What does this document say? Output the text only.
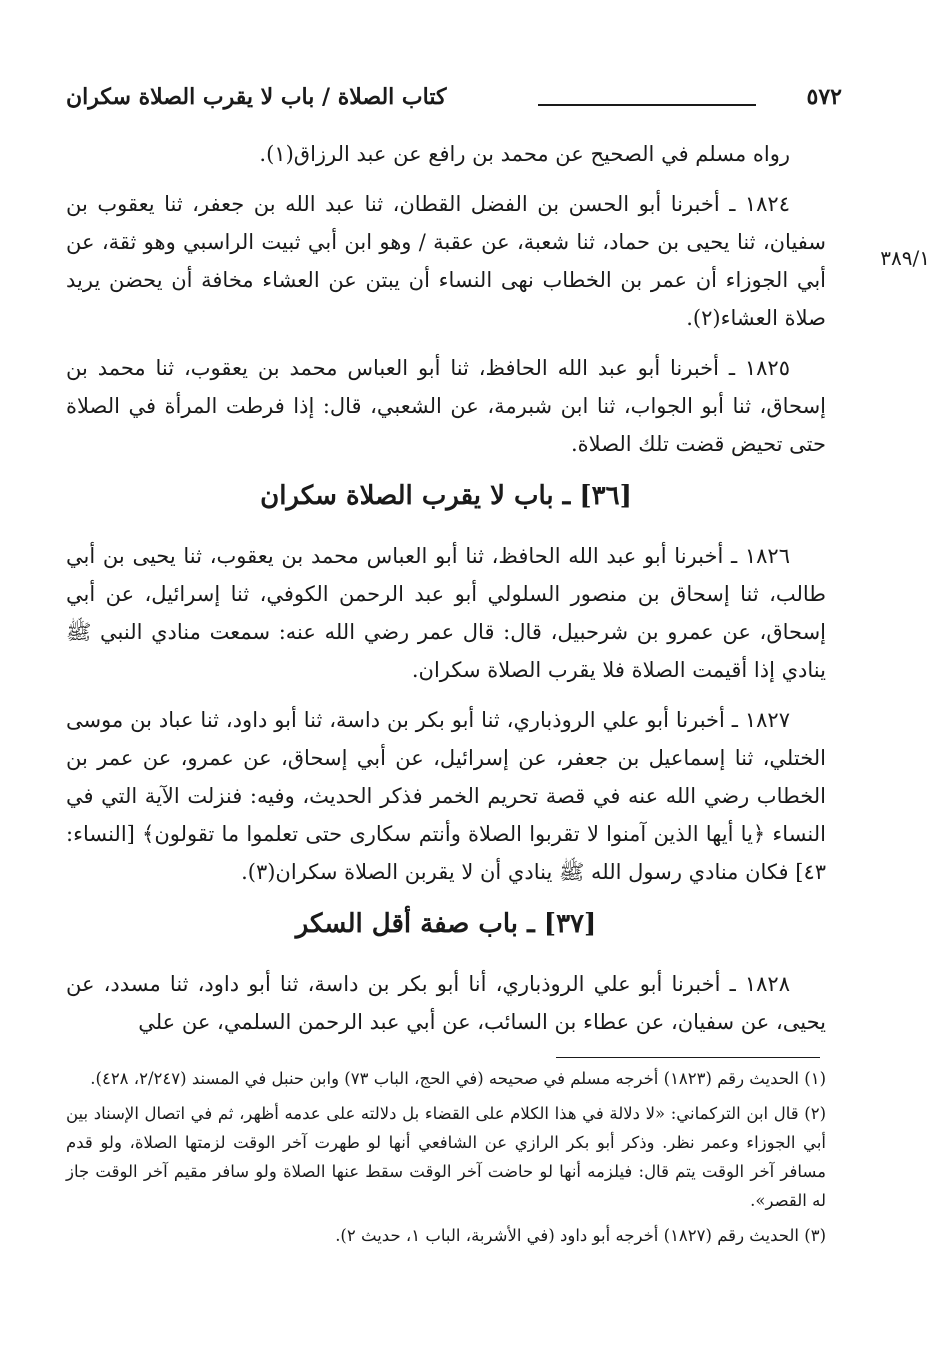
٥٧٢
كتاب الصلاة / باب لا يقرب الصلاة سكران
٣٨٩/١

رواه مسلم في الصحيح عن محمد بن رافع عن عبد الرزاق(١).

١٨٢٤ ـ أخبرنا أبو الحسن بن الفضل القطان، ثنا عبد الله بن جعفر، ثنا يعقوب بن سفيان، ثنا يحيى بن حماد، ثنا شعبة، عن عقبة / وهو ابن أبي ثبيت الراسبي وهو ثقة، عن أبي الجوزاء أن عمر بن الخطاب نهى النساء أن يبتن عن العشاء مخافة أن يحضن يريد صلاة العشاء(٢).

١٨٢٥ ـ أخبرنا أبو عبد الله الحافظ، ثنا أبو العباس محمد بن يعقوب، ثنا محمد بن إسحاق، ثنا أبو الجواب، ثنا ابن شبرمة، عن الشعبي، قال: إذا فرطت المرأة في الصلاة حتى تحيض قضت تلك الصلاة.

[٣٦] ـ باب لا يقرب الصلاة سكران

١٨٢٦ ـ أخبرنا أبو عبد الله الحافظ، ثنا أبو العباس محمد بن يعقوب، ثنا يحيى بن أبي طالب، ثنا إسحاق بن منصور السلولي أبو عبد الرحمن الكوفي، ثنا إسرائيل، عن أبي إسحاق، عن عمرو بن شرحبيل، قال: قال عمر رضي الله عنه: سمعت منادي النبي ﷺ ينادي إذا أقيمت الصلاة فلا يقرب الصلاة سكران.

١٨٢٧ ـ أخبرنا أبو علي الروذباري، ثنا أبو بكر بن داسة، ثنا أبو داود، ثنا عباد بن موسى الختلي، ثنا إسماعيل بن جعفر، عن إسرائيل، عن أبي إسحاق، عن عمرو، عن عمر بن الخطاب رضي الله عنه في قصة تحريم الخمر فذكر الحديث، وفيه: فنزلت الآية التي في النساء ﴿يا أيها الذين آمنوا لا تقربوا الصلاة وأنتم سكارى حتى تعلموا ما تقولون﴾ [النساء: ٤٣] فكان منادي رسول الله ﷺ ينادي أن لا يقربن الصلاة سكران(٣).

[٣٧] ـ باب صفة أقل السكر

١٨٢٨ ـ أخبرنا أبو علي الروذباري، أنا أبو بكر بن داسة، ثنا أبو داود، ثنا مسدد، عن يحيى، عن سفيان، عن عطاء بن السائب، عن أبي عبد الرحمن السلمي، عن علي

(١) الحديث رقم (١٨٢٣) أخرجه مسلم في صحيحه (في الحج، الباب ٧٣) وابن حنبل في المسند (٢/٢٤٧، ٤٢٨).

(٢) قال ابن التركماني: «لا دلالة في هذا الكلام على القضاء بل دلالته على عدمه أظهر، ثم في اتصال الإسناد بين أبي الجوزاء وعمر نظر. وذكر أبو بكر الرازي عن الشافعي أنها لو طهرت آخر الوقت لزمتها الصلاة، ولو قدم مسافر آخر الوقت يتم قال: فيلزمه أنها لو حاضت آخر الوقت سقط عنها الصلاة ولو سافر مقيم آخر الوقت جاز له القصر».

(٣) الحديث رقم (١٨٢٧) أخرجه أبو داود (في الأشربة، الباب ١، حديث ٢).
